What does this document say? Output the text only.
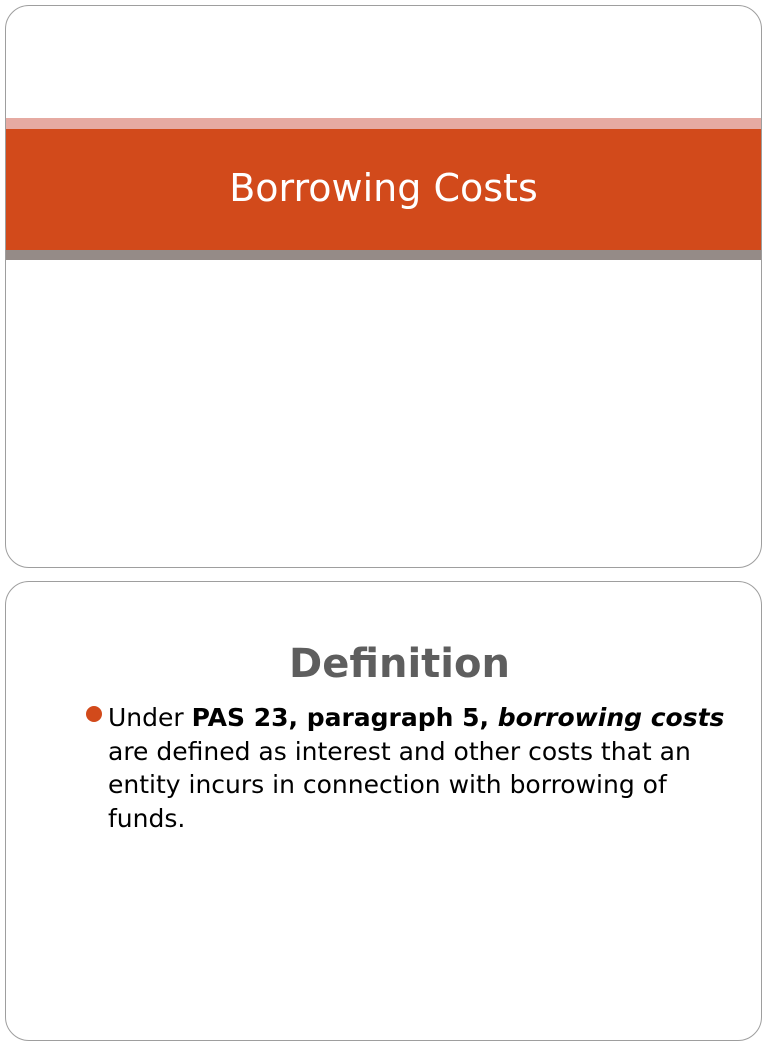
Borrowing Costs
Definition
Under PAS 23, paragraph 5, borrowing costs are defined as interest and other costs that an entity incurs in connection with borrowing of funds.
